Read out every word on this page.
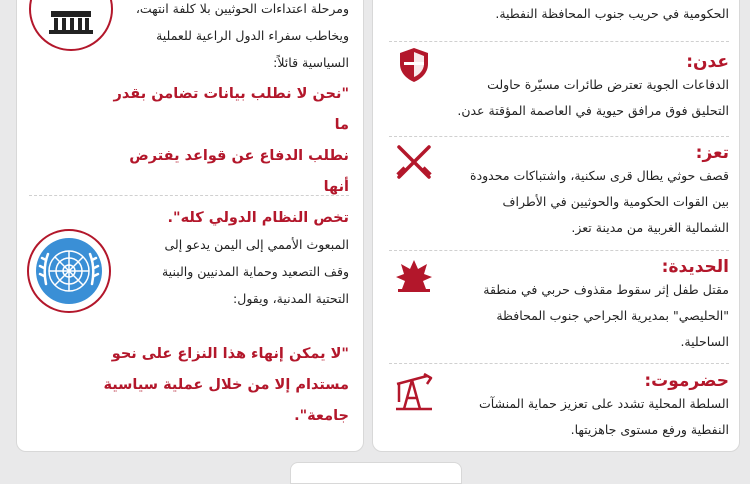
الحكومية في حريب جنوب المحافظة النفطية.
عدن:
الدفاعات الجوية تعترض طائرات مسيّرة حاولت
التحليق فوق مرافق حيوية في العاصمة المؤقتة عدن.
تعز:
قصف حوثي يطال قرى سكنية، واشتباكات محدودة
بين القوات الحكومية والحوثيين في الأطراف
الشمالية الغربية من مدينة تعز.
الحديدة:
مقتل طفل إثر سقوط مقذوف حربي في منطقة
"الحليصي" بمديرية الجراحي جنوب المحافظة
الساحلية.
حضرموت:
السلطة المحلية تشدد على تعزيز حماية المنشآت
النفطية ورفع مستوى جاهزيتها.
ومرحلة اعتداءات الحوثيين بلا كلفة انتهت،
ويخاطب سفراء الدول الراعية للعملية
السياسية قائلاً:
"نحن لا نطلب بيانات تضامن بقدر ما
نطلب الدفاع عن قواعد يفترض أنها
تخص النظام الدولي كله".
المبعوث الأممي إلى اليمن يدعو إلى
وقف التصعيد وحماية المدنيين والبنية
التحتية المدنية، ويقول:
"لا يمكن إنهاء هذا النزاع على نحو
مستدام إلا من خلال عملية سياسية جامعة".
